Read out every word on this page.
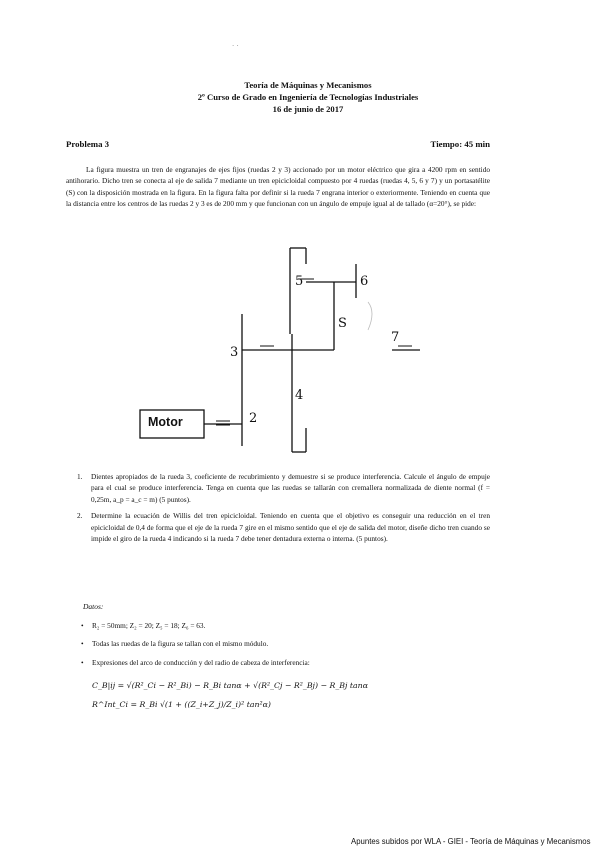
· ·
Teoría de Máquinas y Mecanismos
2º Curso de Grado en Ingeniería de Tecnologías Industriales
16 de junio de 2017
Problema 3	Tiempo: 45 min
La figura muestra un tren de engranajes de ejes fijos (ruedas 2 y 3) accionado por un motor eléctrico que gira a 4200 rpm en sentido antihorario. Dicho tren se conecta al eje de salida 7 mediante un tren epicicloidal compuesto por 4 ruedas (ruedas 4, 5, 6 y 7) y un portasatélite (S) con la disposición mostrada en la figura. En la figura falta por definir si la rueda 7 engrana interior o exteriormente. Teniendo en cuenta que la distancia entre los centros de las ruedas 2 y 3 es de 200 mm y que funcionan con un ángulo de empuje igual al de tallado (α=20°), se pide:
Motor	2
3
4
5	6
7
S
1. Dientes apropiados de la rueda 3, coeficiente de recubrimiento y demuestre si se produce interferencia. Calcule el ángulo de empuje para el cual se produce interferencia. Tenga en cuenta que las ruedas se tallarán con cremallera normalizada de diente normal (f = 0,25m, a_p = a_c = m) (5 puntos).
2. Determine la ecuación de Willis del tren epicicloidal. Teniendo en cuenta que el objetivo es conseguir una reducción en el tren epicicloidal de 0,4 de forma que el eje de la rueda 7 gire en el mismo sentido que el eje de salida del motor, diseñe dicho tren cuando se impide el giro de la rueda 4 indicando si la rueda 7 debe tener dentadura externa o interna. (5 puntos).
Datos:
• R₂ = 50mm; Z₂ = 20; Z₅ = 18; Z₆ = 63.
• Todas las ruedas de la figura se tallan con el mismo módulo.
• Expresiones del arco de conducción y del radio de cabeza de interferencia:
C_B|ij = √(R²_Ci − R²_Bi) − R_Bi tanα + √(R²_Cj − R²_Bj) − R_Bj tanα
R^Int_Ci = R_Bi √(1 + ((Z_i+Z_j)/Z_i)² tan²α)
Apuntes subidos por WLA - GIEI - Teoría de Máquinas y Mecanismos
